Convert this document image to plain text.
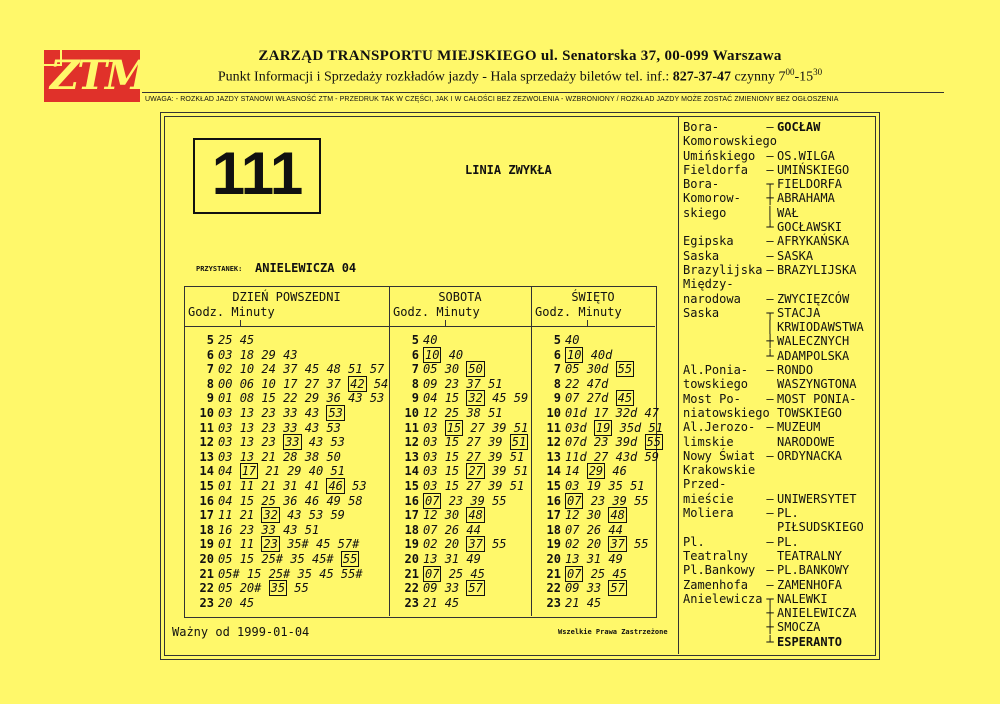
ZTM	ZARZĄD TRANSPORTU MIEJSKIEGO ul. Senatorska 37, 00-099 Warszawa
Punkt Informacji i Sprzedaży rozkładów jazdy - Hala sprzedaży biletów tel. inf.: 827-37-47 czynny $7^{00}-15^{30}$
UWAGA: - ROZKŁAD JAZDY STANOWI WŁASNOŚĆ ZTM - PRZEDRUK TAK W CZĘŚCI, JAK I W CAŁOŚCI BEZ ZEZWOLENIA - WZBRONIONY / ROZKŁAD JAZDY MOŻE ZOSTAĆ ZMIENIONY BEZ OGŁOSZENIA
111	LINIA ZWYKŁA
PRZYSTANEK: ANIELEWICZA 04
DZIEŃ POWSZEDNI
Godz. Minuty
5 25 45
6 03 18 29 43
7 02 10 24 37 45 48 51 57
8 00 06 10 17 27 37 42 54
9 01 08 15 22 29 36 43 53
10 03 13 23 33 43 53
11 03 13 23 33 43 53
12 03 13 23 33 43 53
13 03 13 21 28 38 50
14 04 17 21 29 40 51
15 01 11 21 31 41 46 53
16 04 15 25 36 46 49 58
17 11 21 32 43 53 59
18 16 23 33 43 51
19 01 11 23 35# 45 57#
20 05 15 25# 35 45# 55
21 05# 15 25# 35 45 55#
22 05 20# 35 55
23 20 45
SOBOTA
Godz. Minuty
5 40
6 10 40
7 05 30 50
8 09 23 37 51
9 04 15 32 45 59
10 12 25 38 51
11 03 15 27 39 51
12 03 15 27 39 51
13 03 15 27 39 51
14 03 15 27 39 51
15 03 15 27 39 51
16 07 23 39 55
17 12 30 48
18 07 26 44
19 02 20 37 55
20 13 31 49
21 07 25 45
22 09 33 57
23 21 45
ŚWIĘTO
Godz. Minuty
5 40
6 10 40d
7 05 30d 55
8 22 47d
9 07 27d 45
10 01d 17 32d 47
11 03d 19 35d 51
12 07d 23 39d 55
13 11d 27 43d 59
14 14 29 46
15 03 19 35 51
16 07 23 39 55
17 12 30 48
18 07 26 44
19 02 20 37 55
20 13 31 49
21 07 25 45
22 09 33 57
23 21 45
Ważny od 1999-01-04	Wszelkie Prawa Zastrzeżone
Bora-	– GOCŁAW
Komorowskiego
Umińskiego – OS.WILGA
Fieldorfa – UMIŃSKIEGO
Bora-	┬ FIELDORFA
Komorow- ┼ ABRAHAMA
skiego	│ WAŁ
┴ GOCŁAWSKI
Egipska	– AFRYKAŃSKA
Saska	– SASKA
Brazylijska – BRAZYLIJSKA
Między-
narodowa – ZWYCIĘZCÓW
Saska	┬ STACJA
│ KRWIODAWSTWA
┼ WALECZNYCH
┴ ADAMPOLSKA
Al.Ponia- – RONDO
towskiego WASZYNGTONA
Most Po- – MOST PONIA-
niatowskiego TOWSKIEGO
Al.Jerozo- – MUZEUM
limskie	NARODOWE
Nowy Świat – ORDYNACKA
Krakowskie
Przed-
mieście	– UNIWERSYTET
Moliera	– PL.
PIŁSUDSKIEGO
Pl.	– PL.
Teatralny TEATRALNY
Pl.Bankowy – PL.BANKOWY
Zamenhofa – ZAMENHOFA
Anielewicza ┬ NALEWKI
┼ ANIELEWICZA
┼ SMOCZA
┴ ESPERANTO
